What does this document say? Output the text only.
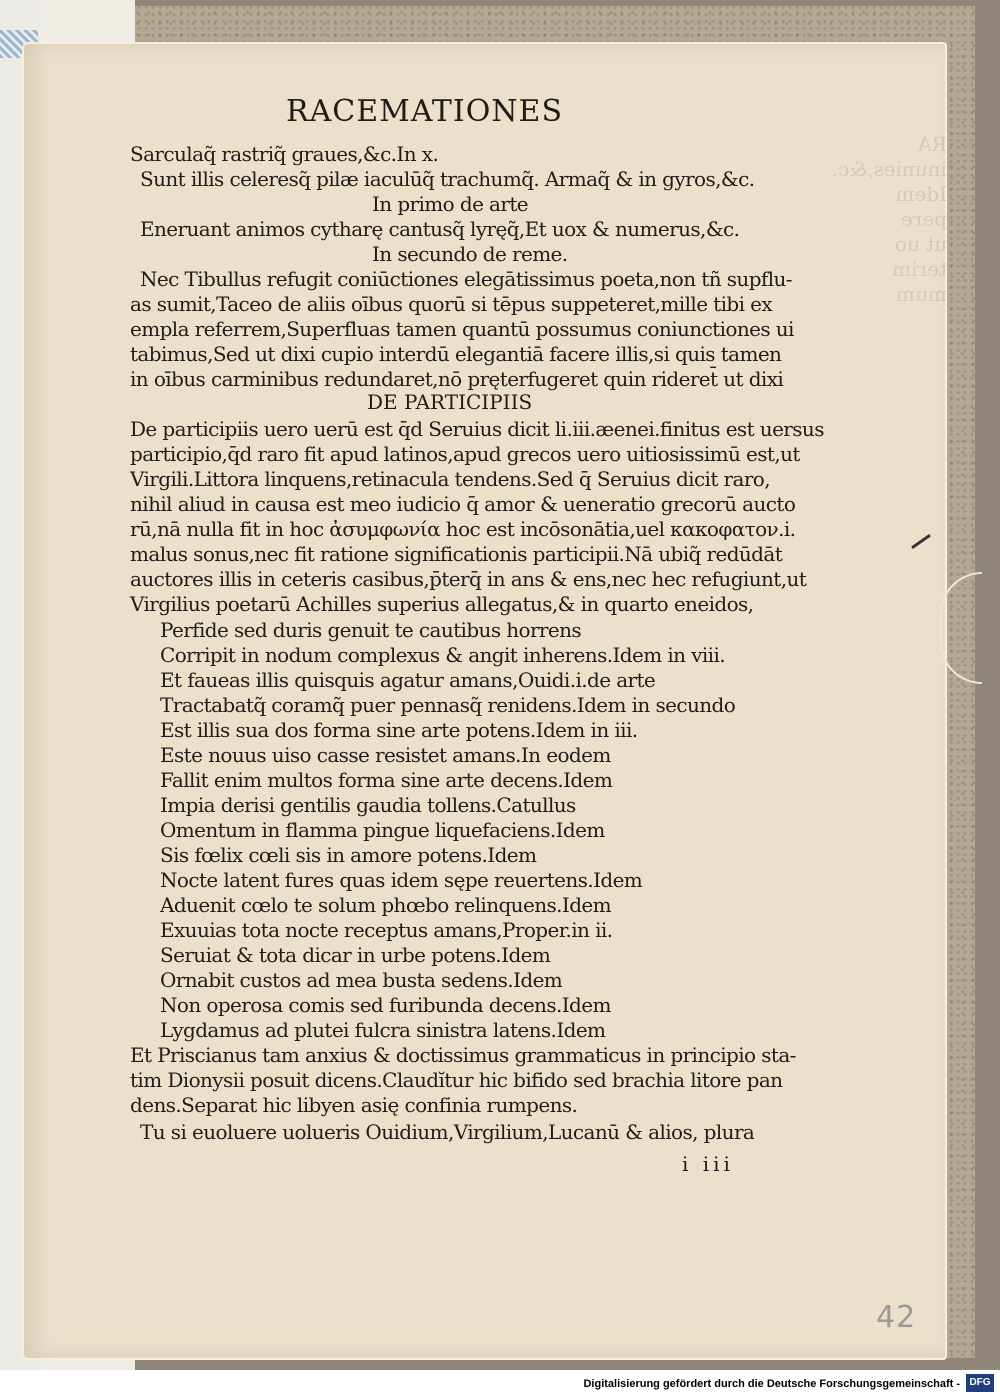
RA
inunies,&c.
Idem
pere
ut uo
terim
mum
RACEMATIONES
Sarculaq̃ rastriq̃ graues,&c.In x.
Sunt illis celeresq̃ pilæ iaculūq̃ trachumq̃. Armaq̃ & in gyros,&c.
In primo de arte
Eneruant animos cytharę cantusq̃ lyręq̃,Et uox & numerus,&c.
In secundo de reme.
Nec Tibullus refugit coniūctiones elegātissimus poeta,non tñ supflu-
as sumit,Taceo de aliis oībus quorū si tēpus suppeteret,mille tibi ex
empla referrem,Superfluas tamen quantū possumus coniunctiones ui
tabimus,Sed ut dixi cupio interdū elegantiā facere illis,si quis tamen
in oībus carminibus redundaret,nō pręterfugeret quin rideret̄ ut dixi
DE PARTICIPIIS
De participiis uero uerū est q̄d Seruius dicit li.iii.æenei.finitus est uersus
participio,q̄d raro fit apud latinos,apud grecos uero uitiosissimū est,ut
Virgili.Littora linquens,retinacula tendens.Sed q̄ Seruius dicit raro,
nihil aliud in causa est meo iudicio q̄ amor & ueneratio grecorū aucto
rū,nā nulla fit in hoc ἀσυμφωνία hoc est incōsonātia,uel κακοφατον.i.
malus sonus,nec fit ratione significationis participii.Nā ubiq̃ redūdāt
auctores illis in ceteris casibus,p̄terq̄ in ans & ens,nec hec refugiunt,ut
Virgilius poetarū Achilles superius allegatus,& in quarto eneidos,
Perfide sed duris genuit te cautibus horrens
Corripit in nodum complexus & angit inherens.Idem in viii.
Et faueas illis quisquis agatur amans,Ouidi.i.de arte
Tractabatq̃ coramq̃ puer pennasq̃ renidens.Idem in secundo
Est illis sua dos forma sine arte potens.Idem in iii.
Este nouus uiso casse resistet amans.In eodem
Fallit enim multos forma sine arte decens.Idem
Impia derisi gentilis gaudia tollens.Catullus
Omentum in flamma pingue liquefaciens.Idem
Sis fœlix cœli sis in amore potens.Idem
Nocte latent fures quas idem sępe reuertens.Idem
Aduenit cœlo te solum phœbo relinquens.Idem
Exuuias tota nocte receptus amans,Proper.in ii.
Seruiat & tota dicar in urbe potens.Idem
Ornabit custos ad mea busta sedens.Idem
Non operosa comis sed furibunda decens.Idem
Lygdamus ad plutei fulcra sinistra latens.Idem
Et Priscianus tam anxius & doctissimus grammaticus in principio sta-
tim Dionysii posuit dicens.Claudĭtur hic bifido sed brachia litore pan
dens.Separat hic libyen asię confinia rumpens.
Tu si euoluere uolueris Ouidium,Virgilium,Lucanū & alios, plura
i iii
42
Digitalisierung gefördert durch die Deutsche Forschungsgemeinschaft - DFG
